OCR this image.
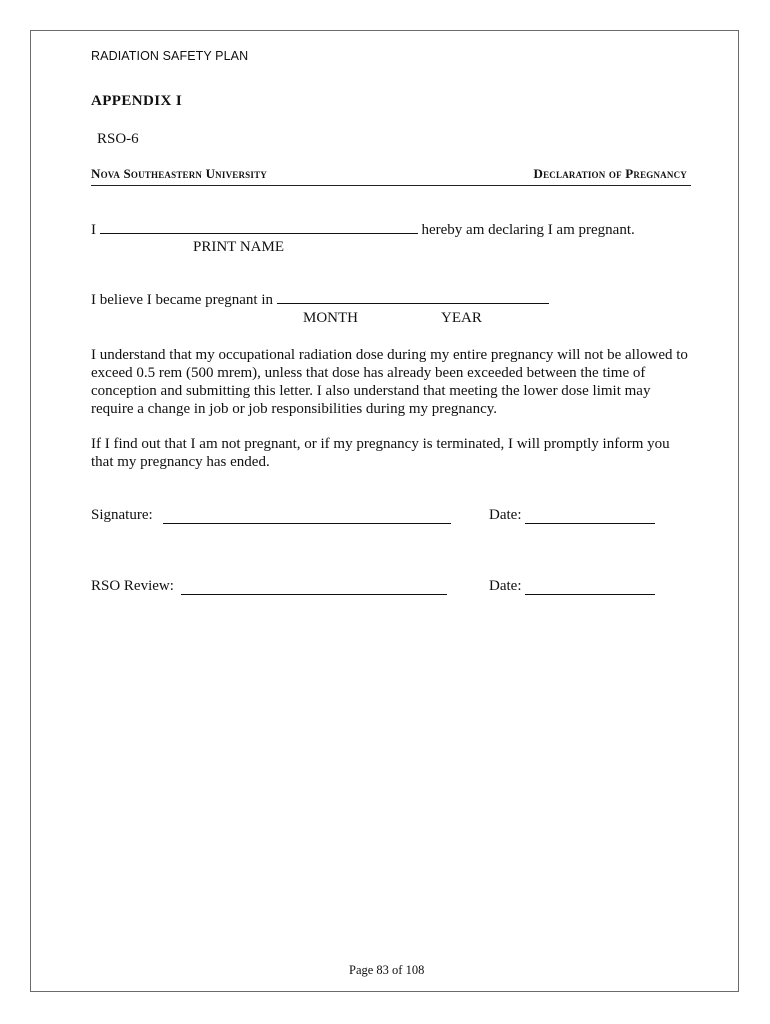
RADIATION SAFETY PLAN
APPENDIX I
RSO-6
Nova Southeastern University	Declaration of Pregnancy
I	hereby am declaring I am pregnant.
PRINT NAME
I believe I became pregnant in
MONTH	YEAR
I understand that my occupational radiation dose during my entire pregnancy will not be allowed to exceed 0.5 rem (500 mrem), unless that dose has already been exceeded between the time of conception and submitting this letter. I also understand that meeting the lower dose limit may require a change in job or job responsibilities during my pregnancy.
If I find out that I am not pregnant, or if my pregnancy is terminated, I will promptly inform you that my pregnancy has ended.
Signature:	Date:
RSO Review:	Date:
Page 83 of 108
